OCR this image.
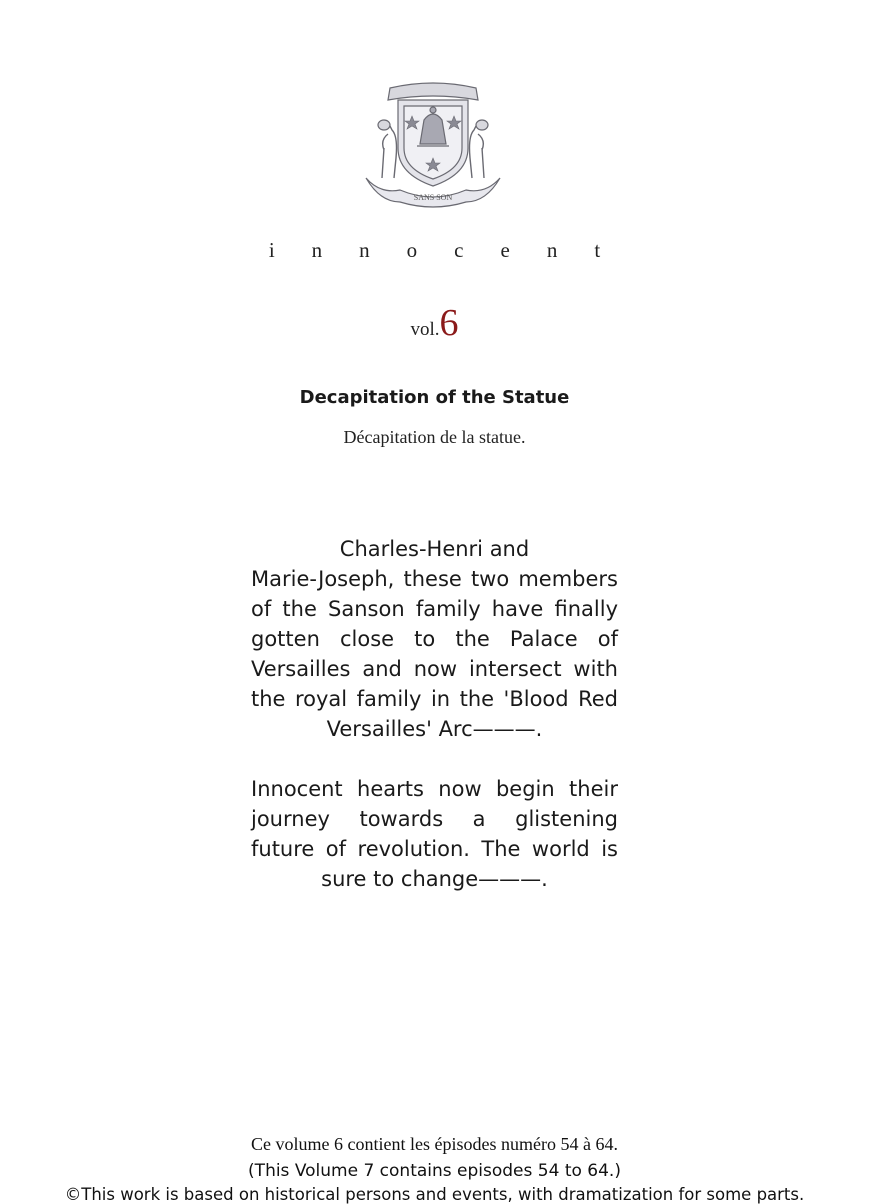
SANS SON
innocent
vol.6
Decapitation of the Statue
Décapitation de la statue.
Charles-Henri and
Marie-Joseph, these two members of the Sanson family have finally gotten close to the Palace of Versailles and now intersect with the royal family in the 'Blood Red Versailles' Arc———.
Innocent hearts now begin their journey towards a glistening future of revolution. The world is sure to change———.
Ce volume 6 contient les épisodes numéro 54 à 64.
(This Volume 7 contains episodes 54 to 64.)
©This work is based on historical persons and events, with dramatization for some parts.
